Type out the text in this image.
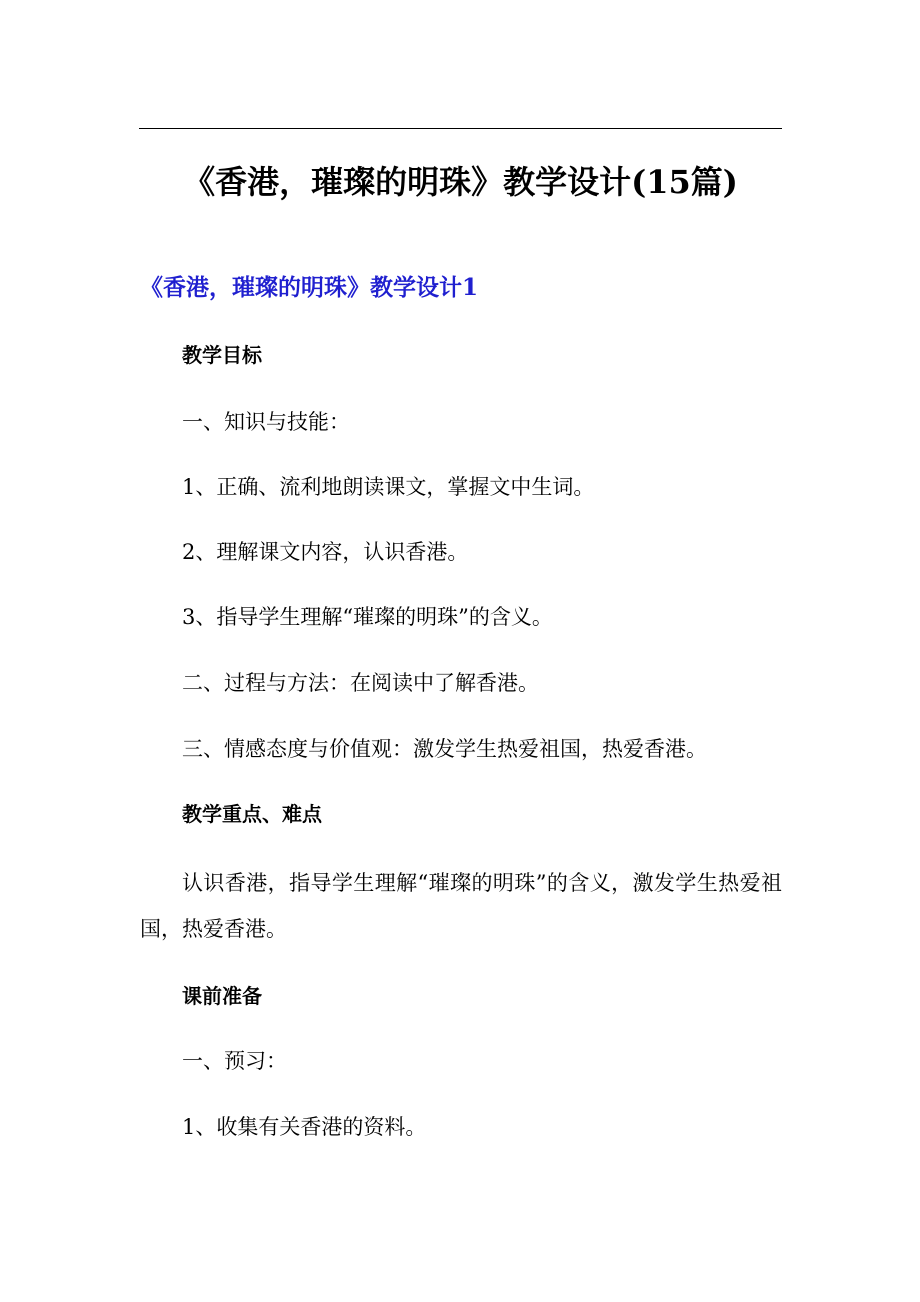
《香港，璀璨的明珠》教学设计(15篇)
《香港，璀璨的明珠》教学设计1
教学目标
一、知识与技能：
1、正确、流利地朗读课文，掌握文中生词。
2、理解课文内容，认识香港。
3、指导学生理解“璀璨的明珠”的含义。
二、过程与方法：在阅读中了解香港。
三、情感态度与价值观：激发学生热爱祖国，热爱香港。
教学重点、难点
认识香港，指导学生理解“璀璨的明珠”的含义，激发学生热爱祖国，热爱香港。
课前准备
一、预习：
1、收集有关香港的资料。
